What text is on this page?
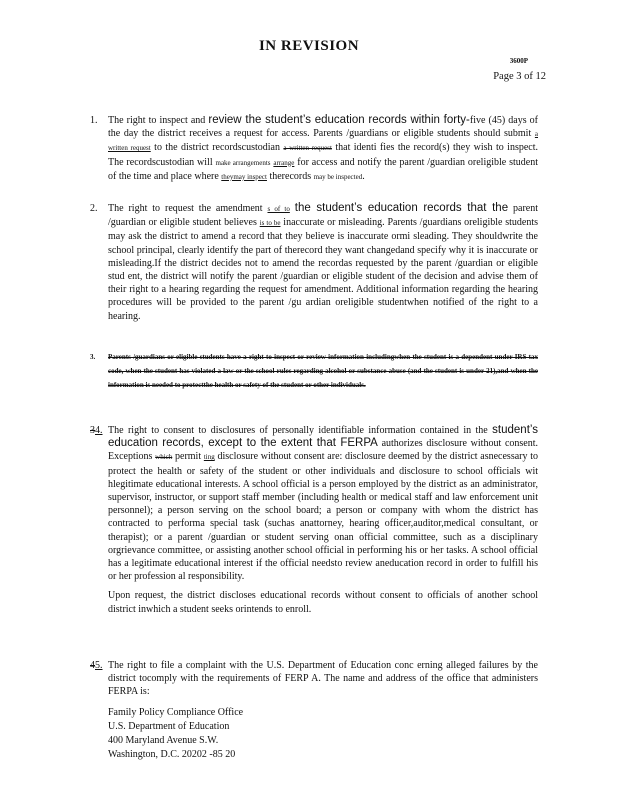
IN REVISION
3600P
Page 3 of 12
1. The right to inspect and review the student’s education records within forty-five (45) days of the day the district receives a request for access. Parents /guardians or eligible students should submit a written request to the district recordscustodian a written request that identi fies the record(s) they wish to inspect. The recordscustodian will make arrangements arrange for access and notify the parent /guardian oreligible student of the time and place where theymay inspect therecords may be inspected.
2. The right to request the amendment s of to the student’s education records that the parent /guardian or eligible student believes is to be inaccurate or misleading. Parents /guardians oreligible students may ask the district to amend a record that they believe is inaccurate ormi sleading. They shouldwrite the school principal, clearly identify the part of therecord they want changedand specify why it is inaccurate or misleading.If the district decides not to amend the recordas requested by the parent /guardian or eligible stud ent, the district will notify the parent /guardian or eligible student of the decision and advise them of their right to a hearing regarding the request for amendment. Additional information regarding the hearing procedures will be provided to the parent /gu ardian oreligible studentwhen notified of the right to a hearing.
3. Parents /guardians or eligible students have a right to inspect or review information includingwhen the student is a dependent under IRS tax code, when the student has violated a law or the school rules regarding alcohol or substance abuse (and the student is under 21),and when the information is needed to protectthe health or safety of the student or other individuals.
34. The right to consent to disclosures of personally identifiable information contained in the student’s education records, except to the extent that FERPA authorizes disclosure without consent. Exceptions which permit ting disclosure without consent are: disclosure deemed by the district asnecessary to protect the health or safety of the student or other individuals and disclosure to school officials wit hlegitimate educational interests. A school official is a person employed by the district as an administrator, supervisor, instructor, or support staff member (including health or medical staff and law enforcement unit personnel); a person serving on the school board; a person or company with whom the district has contracted to performa special task (suchas anattorney, hearing officer,auditor,medical consultant, or therapist); or a parent /guardian or student serving onan official committee, such as a disciplinary orgrievance committee, or assisting another school official in performing his or her tasks. A school official has a legitimate educational interest if the official needsto review aneducation record in order to fulfill his or her profession al responsibility.
Upon request, the district discloses educational records without consent to officials of another school district inwhich a student seeks orintends to enroll.
45. The right to file a complaint with the U.S. Department of Education conc erning alleged failures by the district tocomply with the requirements of FERP A. The name and address of the office that administers FERPA is:
Family Policy Compliance Office
U.S. Department of Education
400 Maryland Avenue S.W.
Washington, D.C. 20202 -85 20
